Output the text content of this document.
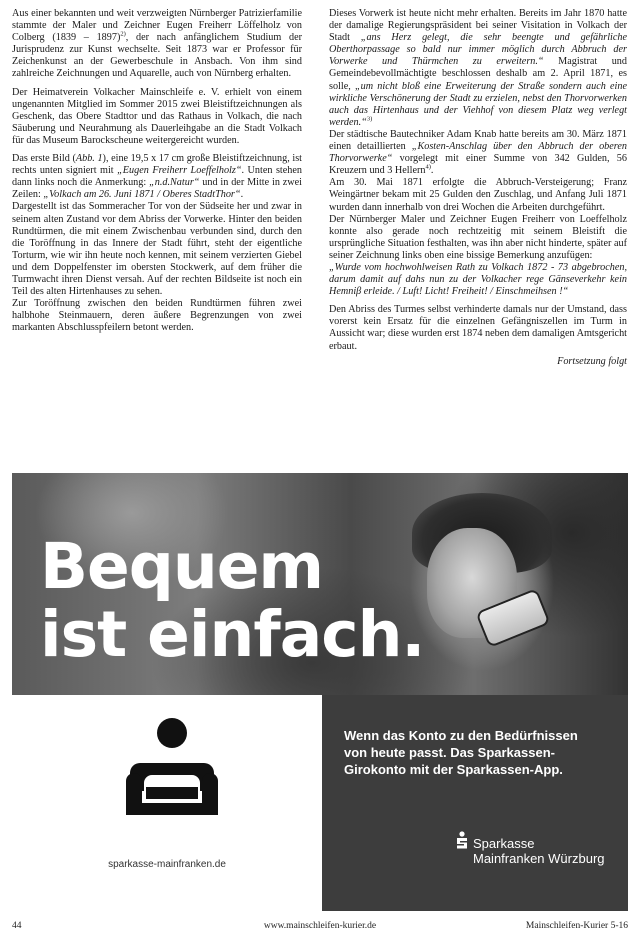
Aus einer bekannten und weit verzweigten Nürnberger Patrizierfamilie stammte der Maler und Zeichner Eugen Freiherr Löffelholz von Colberg (1839 – 1897)$^{2)}$, der nach anfänglichem Studium der Jurisprudenz zur Kunst wechselte. Seit 1873 war er Professor für Zeichenkunst an der Gewerbeschule in Ansbach. Von ihm sind zahlreiche Zeichnungen und Aquarelle, auch von Nürnberg erhalten.

Der Heimatverein Volkacher Mainschleife e. V. erhielt von einem ungenannten Mitglied im Sommer 2015 zwei Bleistiftzeichnungen als Geschenk, das Obere Stadttor und das Rathaus in Volkach, die nach Säuberung und Neurahmung als Dauerleihgabe an die Stadt Volkach für das Museum Barockscheune weitergereicht wurden.

Das erste Bild (Abb. 1), eine 19,5 x 17 cm große Bleistiftzeichnung, ist rechts unten signiert mit „Eugen Freiherr Loeffelholz“. Unten stehen dann links noch die Anmerkung: „n.d.Natur“ und in der Mitte in zwei Zeilen: „Volkach am 26. Juni 1871 / Oberes StadtThor“.

Dargestellt ist das Sommeracher Tor von der Südseite her und zwar in seinem alten Zustand vor dem Abriss der Vorwerke. Hinter den beiden Rundtürmen, die mit einem Zwischenbau verbunden sind, durch den die Toröffnung in das Innere der Stadt führt, steht der eigentliche Torturm, wie wir ihn heute noch kennen, mit seinem verzierten Giebel und dem Doppelfenster im obersten Stockwerk, auf dem früher die Turmwacht ihren Dienst versah. Auf der rechten Bildseite ist noch ein Teil des alten Hirtenhauses zu sehen.

Zur Toröffnung zwischen den beiden Rundtürmen führen zwei halbhohe Steinmauern, deren äußere Begrenzungen von zwei markanten Abschlusspfeilern betont werden.

Dieses Vorwerk ist heute nicht mehr erhalten. Bereits im Jahr 1870 hatte der damalige Regierungspräsident bei seiner Visitation in Volkach der Stadt „ans Herz gelegt, die sehr beengte und gefährliche Oberthorpassage so bald nur immer möglich durch Abbruch der Vorwerke und Thürmchen zu erweitern.“ Magistrat und Gemeindebevollmächtigte beschlossen deshalb am 2. April 1871, es solle, „um nicht bloß eine Erweiterung der Straße sondern auch eine wirkliche Verschönerung der Stadt zu erzielen, nebst den Thorvorwerken auch das Hirtenhaus und der Viehhof von diesem Platz weg verlegt werden.“$^{3)}$

Der städtische Bautechniker Adam Knab hatte bereits am 30. März 1871 einen detaillierten „Kosten-Anschlag über den Abbruch der oberen Thorvorwerke“ vorgelegt mit einer Summe von 342 Gulden, 56 Kreuzern und 3 Hellern$^{4)}$.

Am 30. Mai 1871 erfolgte die Abbruch-Versteigerung; Franz Weingärtner bekam mit 25 Gulden den Zuschlag, und Anfang Juli 1871 wurden dann innerhalb von drei Wochen die Arbeiten durchgeführt.

Der Nürnberger Maler und Zeichner Eugen Freiherr von Loeffelholz konnte also gerade noch rechtzeitig mit seinem Bleistift die ursprüngliche Situation festhalten, was ihn aber nicht hinderte, später auf seiner Zeichnung links oben eine bissige Bemerkung anzufügen:

„Wurde vom hochwohlweisen Rath zu Volkach 1872 - 73 abgebrochen, darum damit auf dahs nun zu der Volkacher rege Gänseverkehr kein Hemniβ erleide. / Luft! Licht! Freiheit! / Einschmeihsen !“

Den Abriss des Turmes selbst verhinderte damals nur der Umstand, dass vorerst kein Ersatz für die einzelnen Gefängniszellen im Turm in Aussicht war; diese wurden erst 1874 neben dem damaligen Amtsgericht erbaut.

Fortsetzung folgt
Bequem
ist einfach.
sparkasse-mainfranken.de
Wenn das Konto zu den Bedürfnissen
von heute passt. Das Sparkassen-
Girokonto mit der Sparkassen-App.
Sparkasse
Mainfranken Würzburg
44	www.mainschleifen-kurier.de	Mainschleifen-Kurier 5-16
